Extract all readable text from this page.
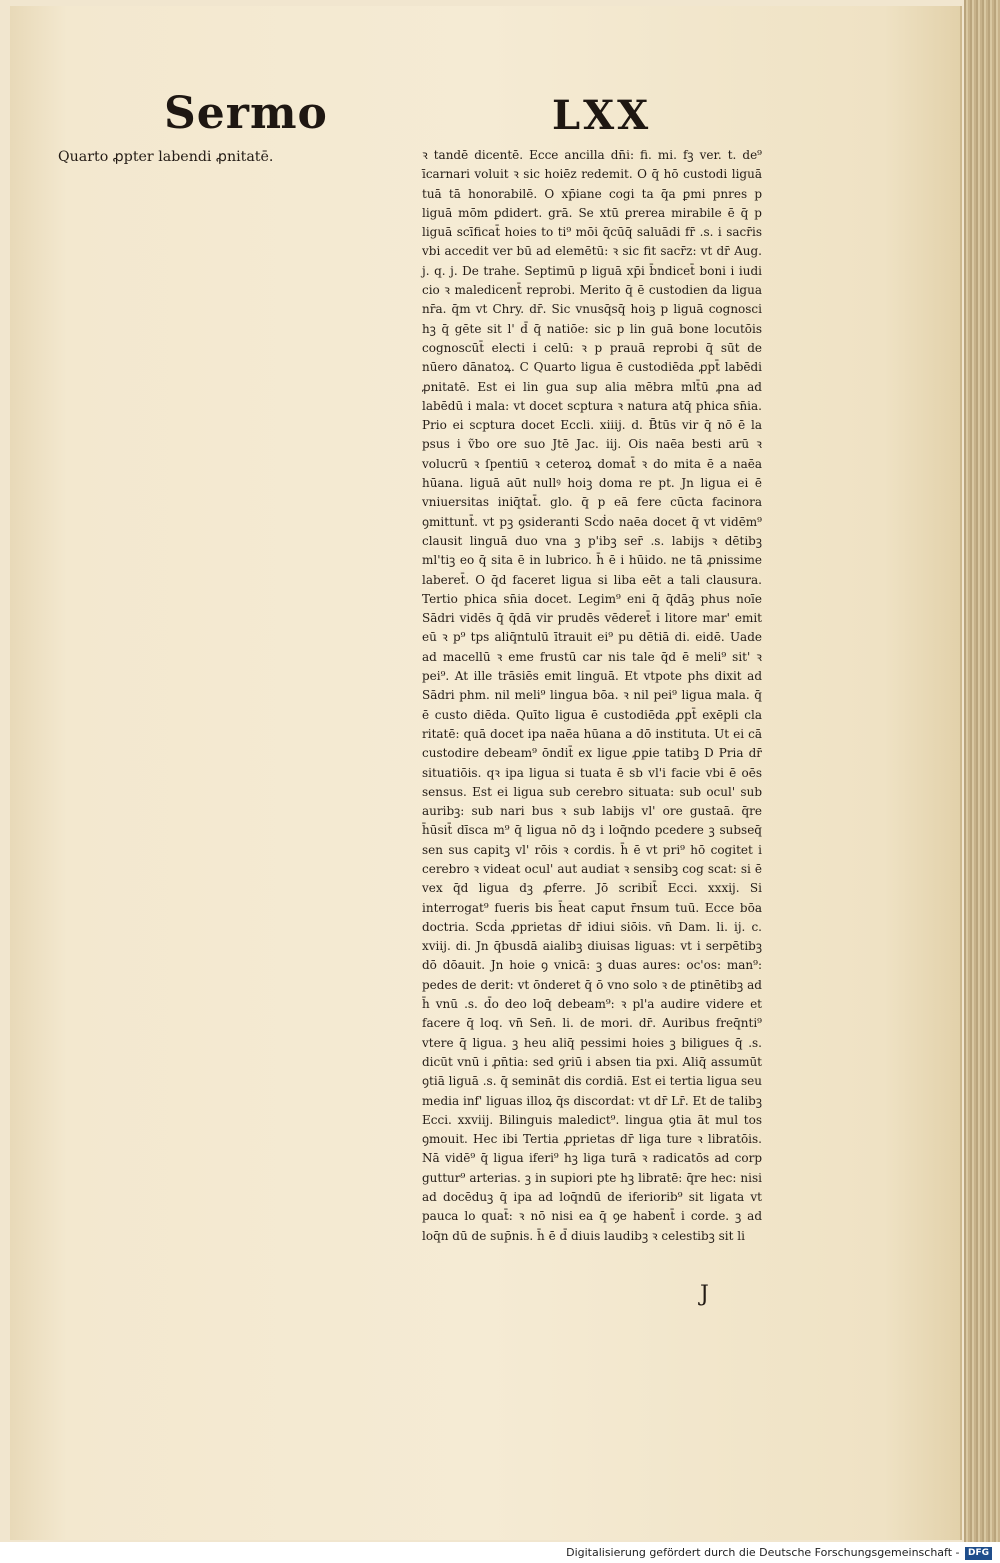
Sermo	LXX

Quarto ꝓpter labendi ꝓnitatē.	ꝛ tandē dicentē. Ecce ancilla dn̄i: fi. mi. fꝫ ver. t. de⁹ īcarnari voluit ꝛ sic hoiēz redemit. O q̄ hō custodi liguā tuā tā honorabilē. O xp̄iane cogi ta q̄a ꝑmi pnres p liguā mōm ꝑdidert. grā. Se xtū ꝑrerea mirabile ē q̄ p liguā scīficat̄ hoies to ti⁹ mōi q̄cūq̄ saluādi fr̄ .s. i sacr̄is vbi accedit ver bū ad elemētū: ꝛ sic fit sacr̄z: vt dr̄ Aug. j. q. j. De trahe. Septimū p liguā xp̄i b̄ndicet̄ boni i iudi cio ꝛ maledicent̄ reprobi. Merito q̄ ē custodien da ligua nr̄a. q̄m vt Chry. dr̄. Sic vnusq̄sq̄ hoiꝫ p liguā cognosci hꝫ q̄ gēte sit l' d̄ q̄ natiōe: sic p lin guā bone locutōis cognoscūt̄ electi i celū: ꝛ p prauā reprobi q̄ sūt de nūero dānatoꝝ. C Quarto ligua ē custodiēda ꝓpt̄ labēdi ꝓnitatē. Est ei lin gua sup alia mēbra mlt̄ū ꝓna ad labēdū i mala: vt docet scptura ꝛ natura atq̄ phica sn̄ia. Prio ei scptura docet Eccli. xiiij. d. B̄tūs vir q̄ nō ē la psus i ṽbo ore suo Jtē Jac. iij. Ois naēa besti arū ꝛ volucrū ꝛ ſpentiū ꝛ ceteroꝝ domat̄ ꝛ do mita ē a naēa hūana. liguā aūt nullꝰ hoiꝫ doma re pt. Jn ligua ei ē vniuersitas iniq̄tat̄. glo. q̄ p eā fere cūcta facinora ꝯmittunt̄. vt pꝫ ꝯsideranti Scḋo naēa docet q̄ vt vidēm⁹ clausit linguā duo vna ꝫ p'ibꝫ ser̄ .s. labijs ꝛ dētibꝫ ml'tiꝫ eo q̄ sita ē in lubrico. h̄ ē i hūido. ne tā ꝓnissime laberet̄. O q̄d faceret ligua si liba eēt a tali clausura. Tertio phica sn̄ia docet. Legim⁹ eni q̄ q̄dāꝫ phus noīe Sādri vidēs q̄ q̄dā vir prudēs vēderet̄ i litore mar' emit eū ꝛ p⁹ tps aliq̄ntulū ītrauit ei⁹ pu dētiā di. eidē. Uade ad macellū ꝛ eme frustū car nis tale q̄d ē meli⁹ sit' ꝛ pei⁹. At ille trāsiēs emit linguā. Et vtpote phs dixit ad Sādri phm. nil meli⁹ lingua bōa. ꝛ nil pei⁹ ligua mala. q̄ ē custo diēda. Quīto ligua ē custodiēda ꝓpt̄ exēpli cla ritatē: quā docet ipa naēa hūana a dō instituta. Ut ei cā custodire debeam⁹ ōndit̄ ex ligue ꝓpie tatibꝫ D Pria dr̄ situatiōis. qꝛ ipa ligua si tuata ē sb vl'i facie vbi ē oēs sensus. Est ei ligua sub cerebro situata: sub ocul' sub auribꝫ: sub nari bus ꝛ sub labijs vl' ore gustaā. q̄re h̄ūsit̄ dīsca m⁹ q̄ ligua nō dꝫ i loq̄ndo pcedere ꝫ subseq̄ sen sus capitꝫ vl' rōis ꝛ cordis. h̄ ē vt pri⁹ hō cogitet i cerebro ꝛ videat ocul' aut audiat ꝛ sensibꝫ cog scat: si ē vex q̄d ligua dꝫ ꝓferre. Jō scribit̄ Ecci. xxxij. Si interrogat⁹ fueris bis h̄eat caput r̄nsum tuū. Ecce bōa doctria. Scḋa ꝓprietas dr̄ idiui siōis. vn̄ Dam. li. ij. c. xviij. di. Jn q̄busdā aialibꝫ diuisas liguas: vt i serpētibꝫ dō dōauit. Jn hoie ꝯ vnicā: ꝫ duas aures: oc'os: man⁹: pedes de derit: vt ōnderet q̄ ō vno solo ꝛ de ꝑtinētibꝫ ad h̄ vnū .s. d̄o deo loq̄ debeam⁹: ꝛ pl'a audire videre et facere q̄ loq. vn̄ Sen̄. li. de mori. dr̄. Auribus freq̄nti⁹ vtere q̄ ligua. ꝫ heu aliq̄ pessimi hoies ꝫ biligues q̄ .s. dicūt vnū i ꝓn̄tia: sed ꝯriū i absen tia pxi. Aliq̄ assumūt ꝯtiā liguā .s. q̄ semināt dis cordiā. Est ei tertia ligua seu media inf' liguas illoꝝ q̄s discordat: vt dr̄ Lr̄. Et de talibꝫ Ecci. xxviij. Bilinguis maledict⁹. lingua ꝯtia āt mul tos ꝯmouit. Hec ibi Tertia ꝓprietas dr̄ liga ture ꝛ libratōis. Nā vidē⁹ q̄ ligua iferi⁹ hꝫ liga turā ꝛ radicatōs ad corp guttur⁹ arterias. ꝫ in supiori pte hꝫ libratē: q̄re hec: nisi ad docēduꝫ q̄ ipa ad loq̄ndū de iferiorib⁹ sit ligata vt pauca lo quat̄: ꝛ nō nisi ea q̄ ꝯe habent̄ i corde. ꝫ ad loq̄n dū de sup̄nis. h̄ ē d̄ diuis laudibꝫ ꝛ celestibꝫ sit li

J
Digitalisierung gefördert durch die Deutsche Forschungsgemeinschaft - DFG
